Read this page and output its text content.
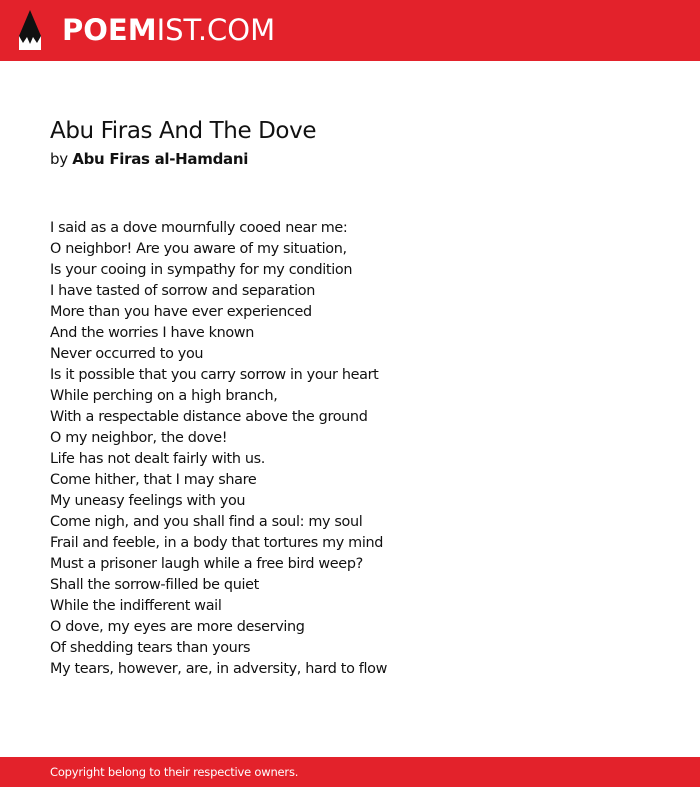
POEMIST.COM
Abu Firas And The Dove
by Abu Firas al-Hamdani
I said as a dove mournfully cooed near me:
O neighbor! Are you aware of my situation,
Is your cooing in sympathy for my condition
I have tasted of sorrow and separation
More than you have ever experienced
And the worries I have known
Never occurred to you
Is it possible that you carry sorrow in your heart
While perching on a high branch,
With a respectable distance above the ground
O my neighbor, the dove!
Life has not dealt fairly with us.
Come hither, that I may share
My uneasy feelings with you
Come nigh, and you shall find a soul: my soul
Frail and feeble, in a body that tortures my mind
Must a prisoner laugh while a free bird weep?
Shall the sorrow-filled be quiet
While the indifferent wail
O dove, my eyes are more deserving
Of shedding tears than yours
My tears, however, are, in adversity, hard to flow
Copyright belong to their respective owners.
